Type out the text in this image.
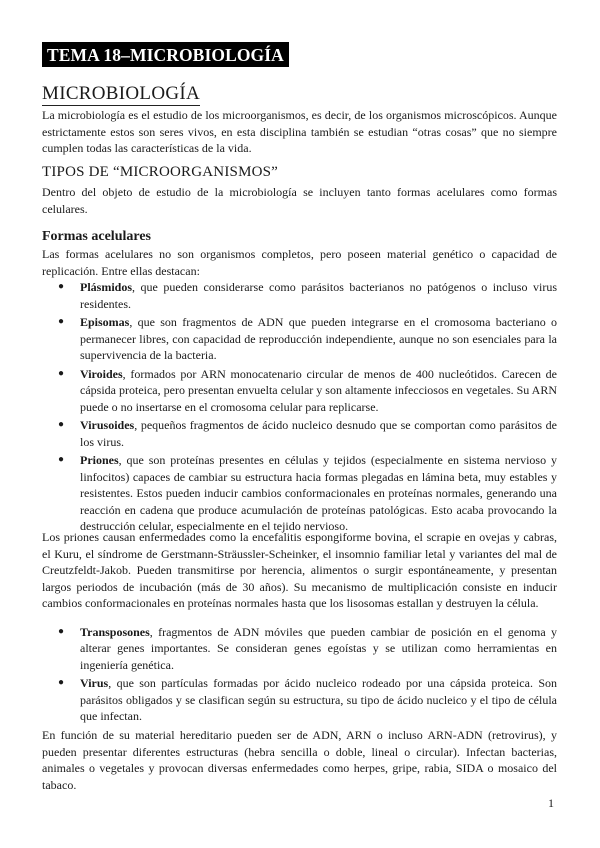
TEMA 18–MICROBIOLOGÍA
MICROBIOLOGÍA

La microbiología es el estudio de los microorganismos, es decir, de los organismos microscópicos. Aunque estrictamente estos son seres vivos, en esta disciplina también se estudian “otras cosas” que no siempre cumplen todas las características de la vida.

TIPOS DE “MICROORGANISMOS”

Dentro del objeto de estudio de la microbiología se incluyen tanto formas acelulares como formas celulares.

Formas acelulares

Las formas acelulares no son organismos completos, pero poseen material genético o capacidad de replicación. Entre ellas destacan:

● Plásmidos, que pueden considerarse como parásitos bacterianos no patógenos o incluso virus residentes.
● Episomas, que son fragmentos de ADN que pueden integrarse en el cromosoma bacteriano o permanecer libres, con capacidad de reproducción independiente, aunque no son esenciales para la supervivencia de la bacteria.
● Viroides, formados por ARN monocatenario circular de menos de 400 nucleótidos. Carecen de cápsida proteica, pero presentan envuelta celular y son altamente infecciosos en vegetales. Su ARN puede o no insertarse en el cromosoma celular para replicarse.
● Virusoides, pequeños fragmentos de ácido nucleico desnudo que se comportan como parásitos de los virus.
● Priones, que son proteínas presentes en células y tejidos (especialmente en sistema nervioso y linfocitos) capaces de cambiar su estructura hacia formas plegadas en lámina beta, muy estables y resistentes. Estos pueden inducir cambios conformacionales en proteínas normales, generando una reacción en cadena que produce acumulación de proteínas patológicas. Esto acaba provocando la destrucción celular, especialmente en el tejido nervioso.

Los priones causan enfermedades como la encefalitis espongiforme bovina, el scrapie en ovejas y cabras, el Kuru, el síndrome de Gerstmann-Sträussler-Scheinker, el insomnio familiar letal y variantes del mal de Creutzfeldt-Jakob. Pueden transmitirse por herencia, alimentos o surgir espontáneamente, y presentan largos periodos de incubación (más de 30 años). Su mecanismo de multiplicación consiste en inducir cambios conformacionales en proteínas normales hasta que los lisosomas estallan y destruyen la célula.

● Transposones, fragmentos de ADN móviles que pueden cambiar de posición en el genoma y alterar genes importantes. Se consideran genes egoístas y se utilizan como herramientas en ingeniería genética.
● Virus, que son partículas formadas por ácido nucleico rodeado por una cápsida proteica. Son parásitos obligados y se clasifican según su estructura, su tipo de ácido nucleico y el tipo de célula que infectan.

En función de su material hereditario pueden ser de ADN, ARN o incluso ARN-ADN (retrovirus), y pueden presentar diferentes estructuras (hebra sencilla o doble, lineal o circular). Infectan bacterias, animales o vegetales y provocan diversas enfermedades como herpes, gripe, rabia, SIDA o mosaico del tabaco.

1
